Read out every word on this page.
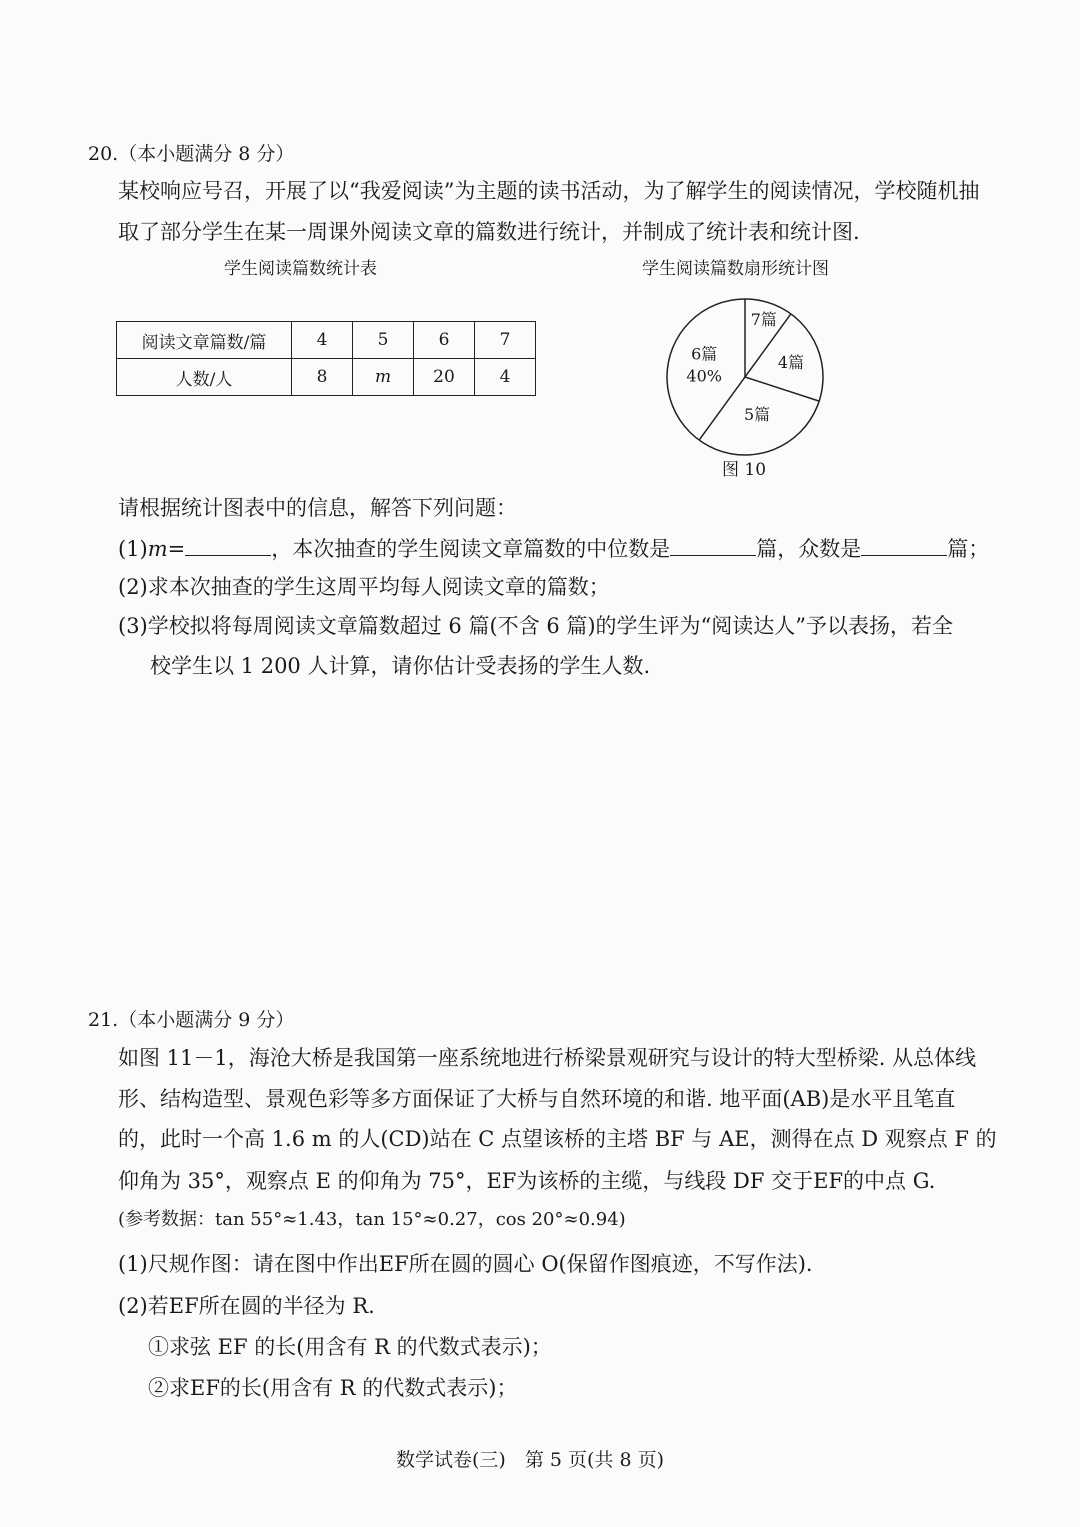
20.（本小题满分 8 分）
某校响应号召，开展了以“我爱阅读”为主题的读书活动，为了解学生的阅读情况，学校随机抽
取了部分学生在某一周课外阅读文章的篇数进行统计，并制成了统计表和统计图.
学生阅读篇数统计表	学生阅读篇数扇形统计图
阅读文章篇数/篇	4	5	6	7
人数/人	8	m	20	4
7篇
4篇
5篇
6篇
40%
图 10
请根据统计图表中的信息，解答下列问题：
(1)m=	，本次抽查的学生阅读文章篇数的中位数是	篇，众数是	篇；
(2)求本次抽查的学生这周平均每人阅读文章的篇数；
(3)学校拟将每周阅读文章篇数超过 6 篇(不含 6 篇)的学生评为“阅读达人”予以表扬，若全
校学生以 1 200 人计算，请你估计受表扬的学生人数.
21.（本小题满分 9 分）
如图 11－1，海沧大桥是我国第一座系统地进行桥梁景观研究与设计的特大型桥梁. 从总体线
形、结构造型、景观色彩等多方面保证了大桥与自然环境的和谐. 地平面(AB)是水平且笔直
的，此时一个高 1.6 m 的人(CD)站在 C 点望该桥的主塔 BF 与 AE，测得在点 D 观察点 F 的
仰角为 35°，观察点 E 的仰角为 75°，EF为该桥的主缆，与线段 DF 交于EF的中点 G.
(参考数据：tan 55°≈1.43，tan 15°≈0.27，cos 20°≈0.94)
(1)尺规作图：请在图中作出EF所在圆的圆心 O(保留作图痕迹，不写作法).
(2)若EF所在圆的半径为 R.
①求弦 EF 的长(用含有 R 的代数式表示)；
②求EF的长(用含有 R 的代数式表示)；
数学试卷(三)　第 5 页(共 8 页)
